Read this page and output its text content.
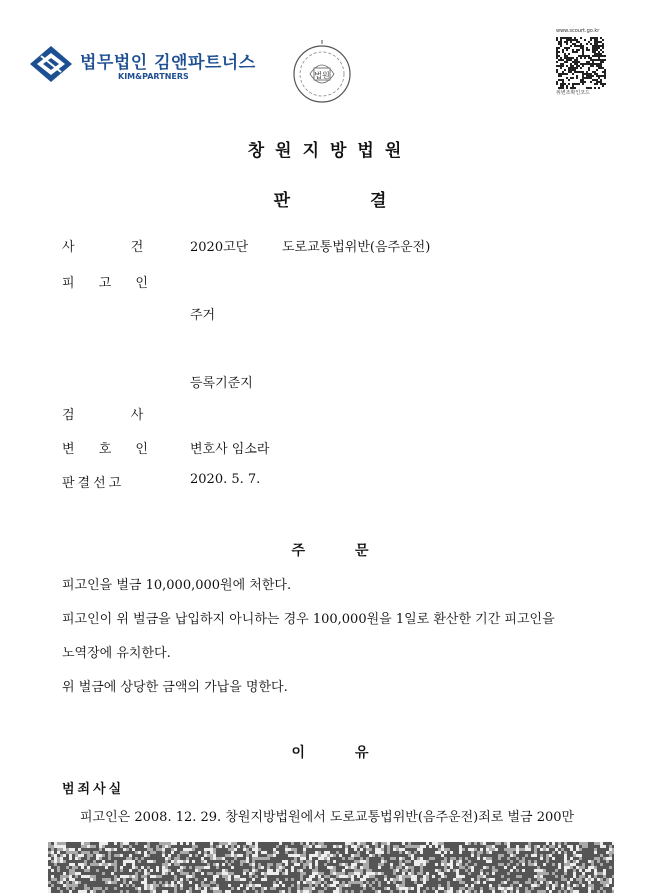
법무법인 김앤파트너스
KIM&PARTNERS	법원
www.scourt.go.kr
위변조확인코드
창원지방법원
판	결
사 건 2020고단	도로교통법위반(음주운전)
피 고 인
주거
등록기준지
검 사
변 호 인 변호사 임소라
판결선고	2020. 5. 7.
주	문
피고인을 벌금 10,000,000원에 처한다.
피고인이 위 벌금을 납입하지 아니하는 경우 100,000원을 1일로 환산한 기간 피고인을
노역장에 유치한다.
위 벌금에 상당한 금액의 가납을 명한다.
이	유
범죄사실
피고인은 2008. 12. 29. 창원지방법원에서 도로교통법위반(음주운전)죄로 벌금 200만
